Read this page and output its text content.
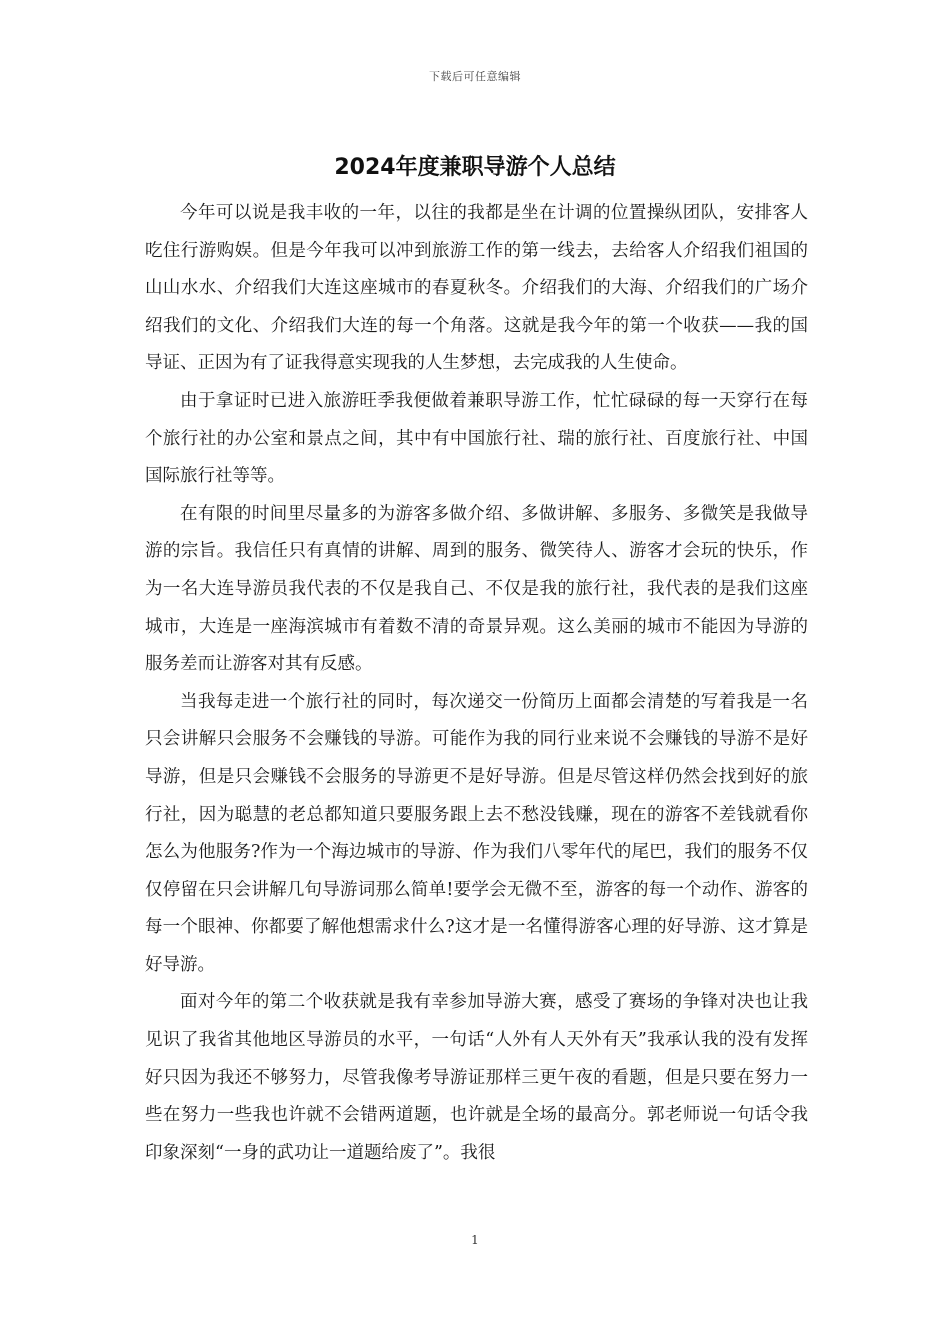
下载后可任意编辑
2024年度兼职导游个人总结

今年可以说是我丰收的一年，以往的我都是坐在计调的位置操纵团队，安排客人吃住行游购娱。但是今年我可以冲到旅游工作的第一线去，去给客人介绍我们祖国的山山水水、介绍我们大连这座城市的春夏秋冬。介绍我们的大海、介绍我们的广场介绍我们的文化、介绍我们大连的每一个角落。这就是我今年的第一个收获——我的国导证、正因为有了证我得意实现我的人生梦想，去完成我的人生使命。

由于拿证时已进入旅游旺季我便做着兼职导游工作，忙忙碌碌的每一天穿行在每个旅行社的办公室和景点之间，其中有中国旅行社、瑞的旅行社、百度旅行社、中国国际旅行社等等。

在有限的时间里尽量多的为游客多做介绍、多做讲解、多服务、多微笑是我做导游的宗旨。我信任只有真情的讲解、周到的服务、微笑待人、游客才会玩的快乐，作为一名大连导游员我代表的不仅是我自己、不仅是我的旅行社，我代表的是我们这座城市，大连是一座海滨城市有着数不清的奇景异观。这么美丽的城市不能因为导游的服务差而让游客对其有反感。

当我每走进一个旅行社的同时，每次递交一份简历上面都会清楚的写着我是一名只会讲解只会服务不会赚钱的导游。可能作为我的同行业来说不会赚钱的导游不是好导游，但是只会赚钱不会服务的导游更不是好导游。但是尽管这样仍然会找到好的旅行社，因为聪慧的老总都知道只要服务跟上去不愁没钱赚，现在的游客不差钱就看你怎么为他服务?作为一个海边城市的导游、作为我们八零年代的尾巴，我们的服务不仅仅停留在只会讲解几句导游词那么简单!要学会无微不至，游客的每一个动作、游客的每一个眼神、你都要了解他想需求什么?这才是一名懂得游客心理的好导游、这才算是好导游。

面对今年的第二个收获就是我有幸参加导游大赛，感受了赛场的争锋对决也让我见识了我省其他地区导游员的水平，一句话“人外有人天外有天”我承认我的没有发挥好只因为我还不够努力，尽管我像考导游证那样三更午夜的看题，但是只要在努力一些在努力一些我也许就不会错两道题，也许就是全场的最高分。郭老师说一句话令我印象深刻“一身的武功让一道题给废了”。我很

1
